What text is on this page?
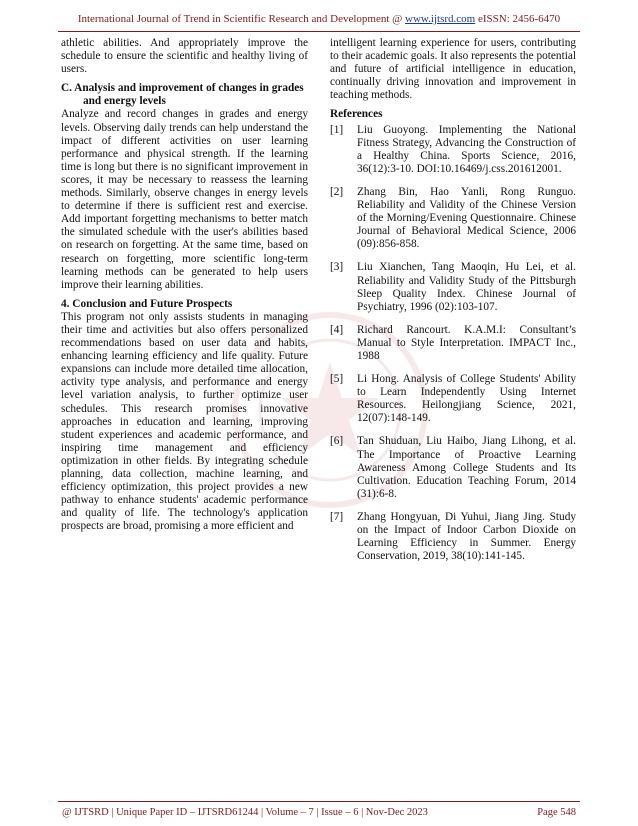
International Journal of Trend in Scientific Research and Development @ www.ijtsrd.com eISSN: 2456-6470

athletic abilities. And appropriately improve the schedule to ensure the scientific and healthy living of users.

C. Analysis and improvement of changes in grades and energy levels

Analyze and record changes in grades and energy levels. Observing daily trends can help understand the impact of different activities on user learning performance and physical strength. If the learning time is long but there is no significant improvement in scores, it may be necessary to reassess the learning methods. Similarly, observe changes in energy levels to determine if there is sufficient rest and exercise. Add important forgetting mechanisms to better match the simulated schedule with the user's abilities based on research on forgetting. At the same time, based on research on forgetting, more scientific long-term learning methods can be generated to help users improve their learning abilities.

4. Conclusion and Future Prospects

This program not only assists students in managing their time and activities but also offers personalized recommendations based on user data and habits, enhancing learning efficiency and life quality. Future expansions can include more detailed time allocation, activity type analysis, and performance and energy level variation analysis, to further optimize user schedules. This research promises innovative approaches in education and learning, improving student experiences and academic performance, and inspiring time management and efficiency optimization in other fields. By integrating schedule planning, data collection, machine learning, and efficiency optimization, this project provides a new pathway to enhance students' academic performance and quality of life. The technology's application prospects are broad, promising a more efficient and

intelligent learning experience for users, contributing to their academic goals. It also represents the potential and future of artificial intelligence in education, continually driving innovation and improvement in teaching methods.

References

[1]	Liu Guoyong. Implementing the National Fitness Strategy, Advancing the Construction of a Healthy China. Sports Science, 2016, 36(12):3-10. DOI:10.16469/j.css.201612001.
[2]	Zhang Bin, Hao Yanli, Rong Runguo. Reliability and Validity of the Chinese Version of the Morning/Evening Questionnaire. Chinese Journal of Behavioral Medical Science, 2006 (09):856-858.
[3]	Liu Xianchen, Tang Maoqin, Hu Lei, et al. Reliability and Validity Study of the Pittsburgh Sleep Quality Index. Chinese Journal of Psychiatry, 1996 (02):103-107.
[4]	Richard Rancourt. K.A.M.I: Consultant’s Manual to Style Interpretation. IMPACT Inc., 1988
[5]	Li Hong. Analysis of College Students' Ability to Learn Independently Using Internet Resources. Heilongjiang Science, 2021, 12(07):148-149.
[6]	Tan Shuduan, Liu Haibo, Jiang Lihong, et al. The Importance of Proactive Learning Awareness Among College Students and Its Cultivation. Education Teaching Forum, 2014 (31):6-8.
[7]	Zhang Hongyuan, Di Yuhui, Jiang Jing. Study on the Impact of Indoor Carbon Dioxide on Learning Efficiency in Summer. Energy Conservation, 2019, 38(10):141-145.
@ IJTSRD | Unique Paper ID – IJTSRD61244 | Volume – 7 | Issue – 6 | Nov-Dec 2023	Page 548
